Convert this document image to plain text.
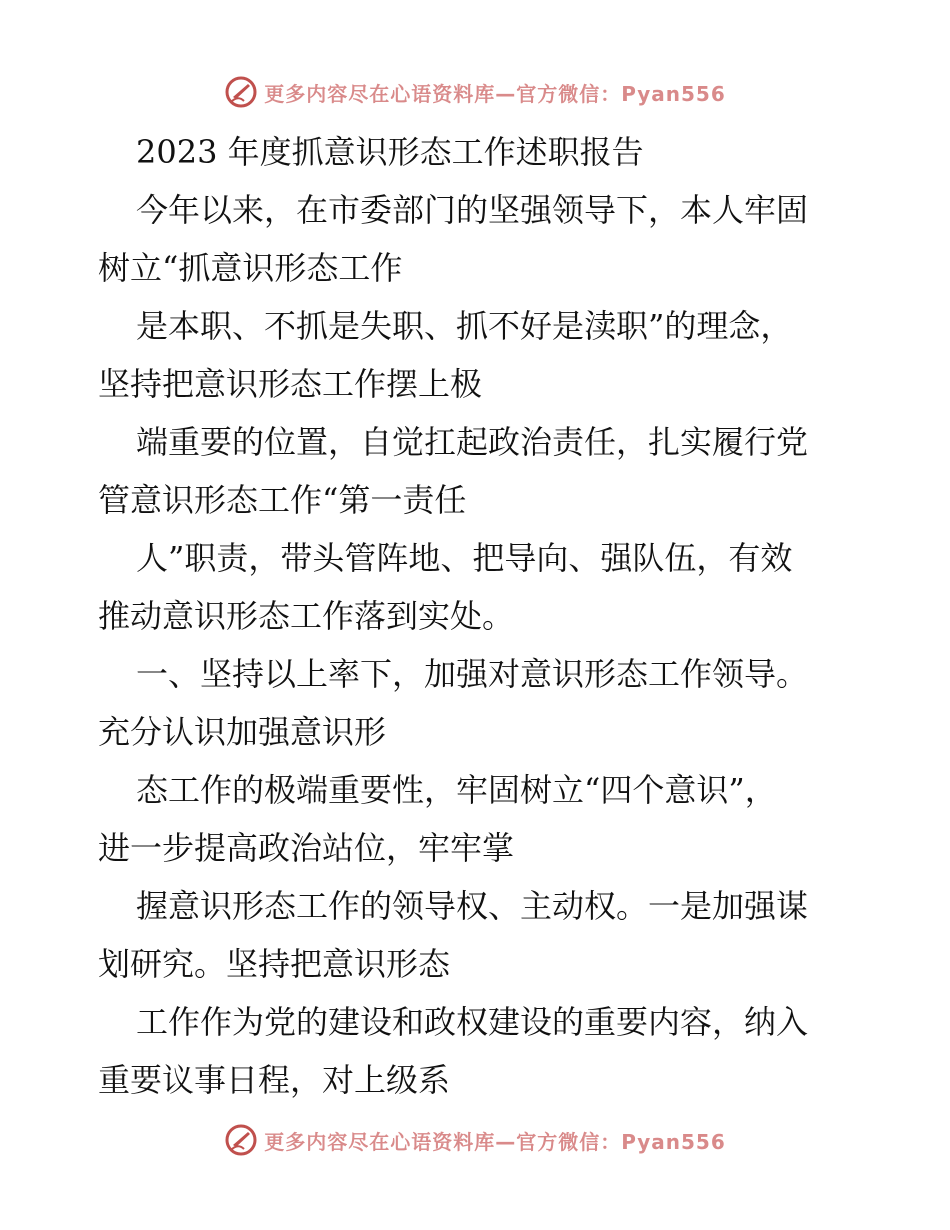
更多内容尽在心语资料库—官方微信：Pyan556
2023 年度抓意识形态工作述职报告
今年以来，在市委部门的坚强领导下，本人牢固
树立“抓意识形态工作
是本职、不抓是失职、抓不好是渎职”的理念，
坚持把意识形态工作摆上极
端重要的位置，自觉扛起政治责任，扎实履行党
管意识形态工作“第一责任
人”职责，带头管阵地、把导向、强队伍，有效
推动意识形态工作落到实处。
一、坚持以上率下，加强对意识形态工作领导。
充分认识加强意识形
态工作的极端重要性，牢固树立“四个意识”，
进一步提高政治站位，牢牢掌
握意识形态工作的领导权、主动权。一是加强谋
划研究。坚持把意识形态
工作作为党的建设和政权建设的重要内容，纳入
重要议事日程，对上级系
更多内容尽在心语资料库—官方微信：Pyan556
